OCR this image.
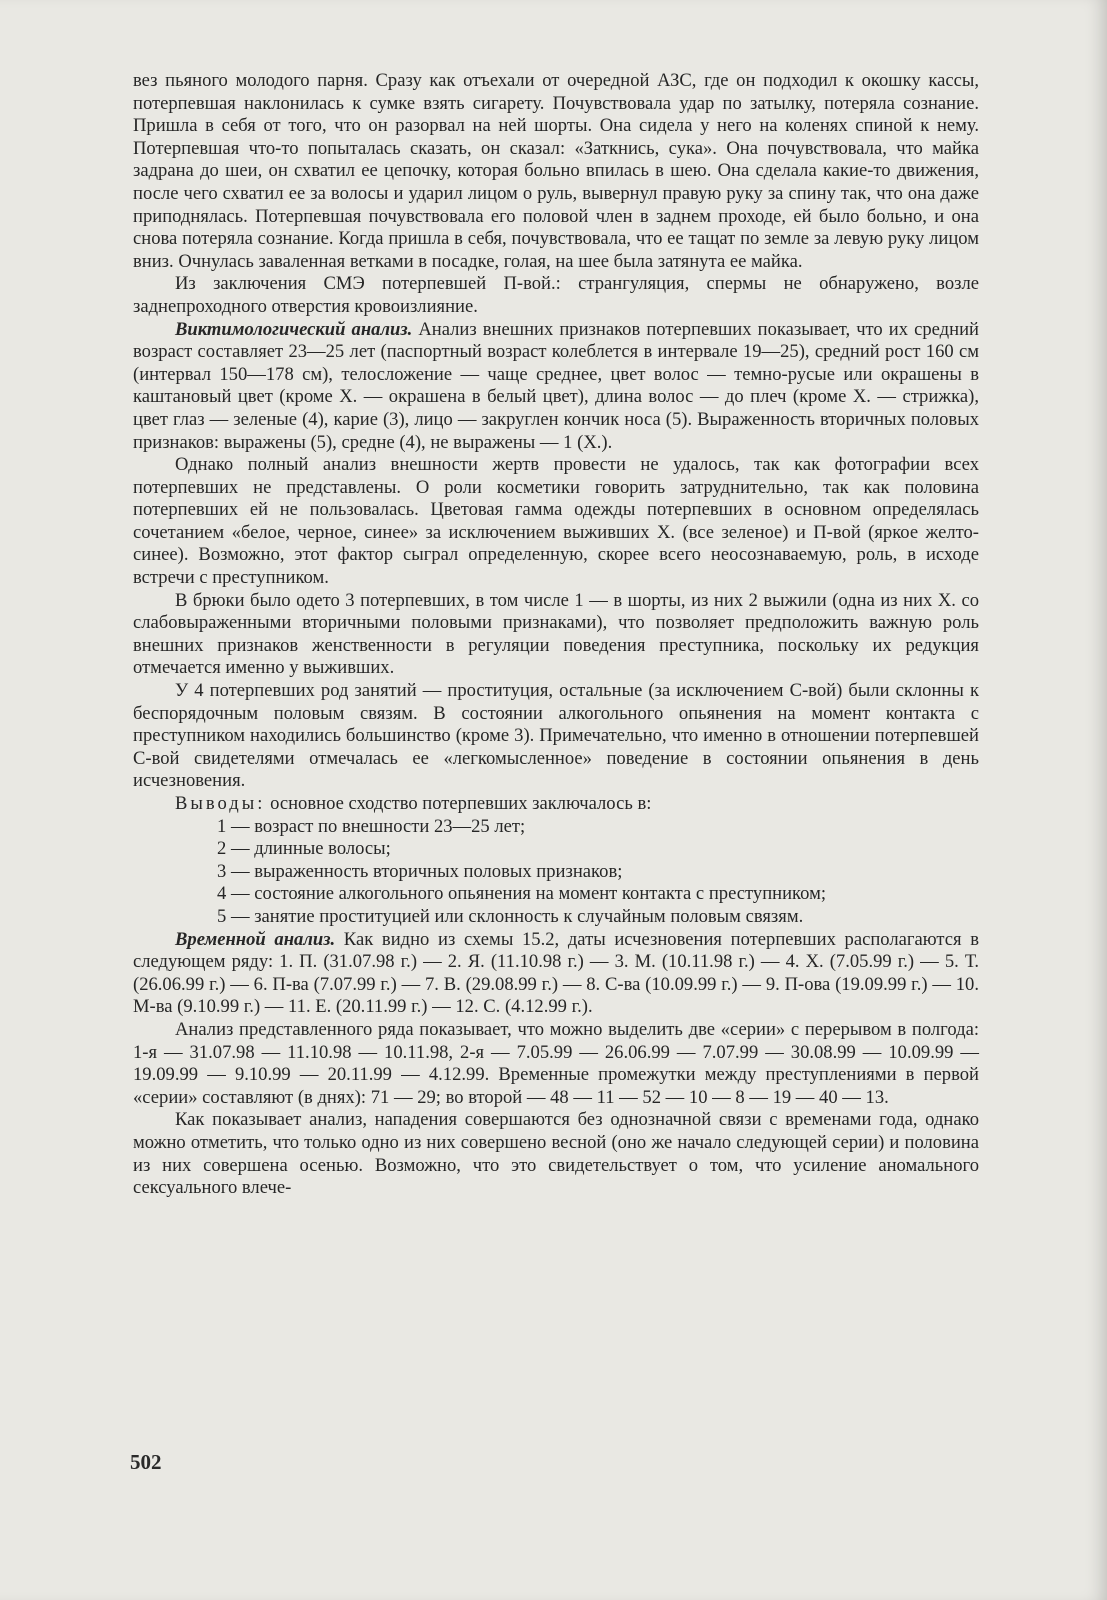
вез пьяного молодого парня. Сразу как отъехали от очередной АЗС, где он подходил к окошку кассы, потерпевшая наклонилась к сумке взять сигарету. Почувствовала удар по затылку, потеряла сознание. Пришла в себя от того, что он разорвал на ней шорты. Она сидела у него на коленях спиной к нему. Потерпевшая что-то попыталась сказать, он сказал: «Заткнись, сука». Она почувствовала, что майка задрана до шеи, он схватил ее цепочку, которая больно впилась в шею. Она сделала какие-то движения, после чего схватил ее за волосы и ударил лицом о руль, вывернул правую руку за спину так, что она даже приподнялась. Потерпевшая почувствовала его половой член в заднем проходе, ей было больно, и она снова потеряла сознание. Когда пришла в себя, почувствовала, что ее тащат по земле за левую руку лицом вниз. Очнулась заваленная ветками в посадке, голая, на шее была затянута ее майка.

Из заключения СМЭ потерпевшей П-вой.: странгуляция, спермы не обнаружено, возле заднепроходного отверстия кровоизлияние.

Виктимологический анализ. Анализ внешних признаков потерпевших показывает, что их средний возраст составляет 23—25 лет (паспортный возраст колеблется в интервале 19—25), средний рост 160 см (интервал 150—178 см), телосложение — чаще среднее, цвет волос — темно-русые или окрашены в каштановый цвет (кроме X. — окрашена в белый цвет), длина волос — до плеч (кроме X. — стрижка), цвет глаз — зеленые (4), карие (3), лицо — закруглен кончик носа (5). Выраженность вторичных половых признаков: выражены (5), средне (4), не выражены — 1 (X.).

Однако полный анализ внешности жертв провести не удалось, так как фотографии всех потерпевших не представлены. О роли косметики говорить затруднительно, так как половина потерпевших ей не пользовалась. Цветовая гамма одежды потерпевших в основном определялась сочетанием «белое, черное, синее» за исключением выживших X. (все зеленое) и П-вой (яркое желто-синее). Возможно, этот фактор сыграл определенную, скорее всего неосознаваемую, роль, в исходе встречи с преступником.

В брюки было одето 3 потерпевших, в том числе 1 — в шорты, из них 2 выжили (одна из них X. со слабовыраженными вторичными половыми признаками), что позволяет предположить важную роль внешних признаков женственности в регуляции поведения преступника, поскольку их редукция отмечается именно у выживших.

У 4 потерпевших род занятий — проституция, остальные (за исключением С-вой) были склонны к беспорядочным половым связям. В состоянии алкогольного опьянения на момент контакта с преступником находились большинство (кроме 3). Примечательно, что именно в отношении потерпевшей С-вой свидетелями отмечалась ее «легкомысленное» поведение в состоянии опьянения в день исчезновения.

Выводы: основное сходство потерпевших заключалось в:

1 — возраст по внешности 23—25 лет;

2 — длинные волосы;

3 — выраженность вторичных половых признаков;

4 — состояние алкогольного опьянения на момент контакта с преступником;

5 — занятие проституцией или склонность к случайным половым связям.

Временной анализ. Как видно из схемы 15.2, даты исчезновения потерпевших располагаются в следующем ряду: 1. П. (31.07.98 г.) — 2. Я. (11.10.98 г.) — 3. М. (10.11.98 г.) — 4. X. (7.05.99 г.) — 5. Т. (26.06.99 г.) — 6. П-ва (7.07.99 г.) — 7. В. (29.08.99 г.) — 8. С-ва (10.09.99 г.) — 9. П-ова (19.09.99 г.) — 10. М-ва (9.10.99 г.) — 11. Е. (20.11.99 г.) — 12. С. (4.12.99 г.).

Анализ представленного ряда показывает, что можно выделить две «серии» с перерывом в полгода: 1-я — 31.07.98 — 11.10.98 — 10.11.98, 2-я — 7.05.99 — 26.06.99 — 7.07.99 — 30.08.99 — 10.09.99 — 19.09.99 — 9.10.99 — 20.11.99 — 4.12.99. Временные промежутки между преступлениями в первой «серии» составляют (в днях): 71 — 29; во второй — 48 — 11 — 52 — 10 — 8 — 19 — 40 — 13.

Как показывает анализ, нападения совершаются без однозначной связи с временами года, однако можно отметить, что только одно из них совершено весной (оно же начало следующей серии) и половина из них совершена осенью. Возможно, что это свидетельствует о том, что усиление аномального сексуального влече-

502
